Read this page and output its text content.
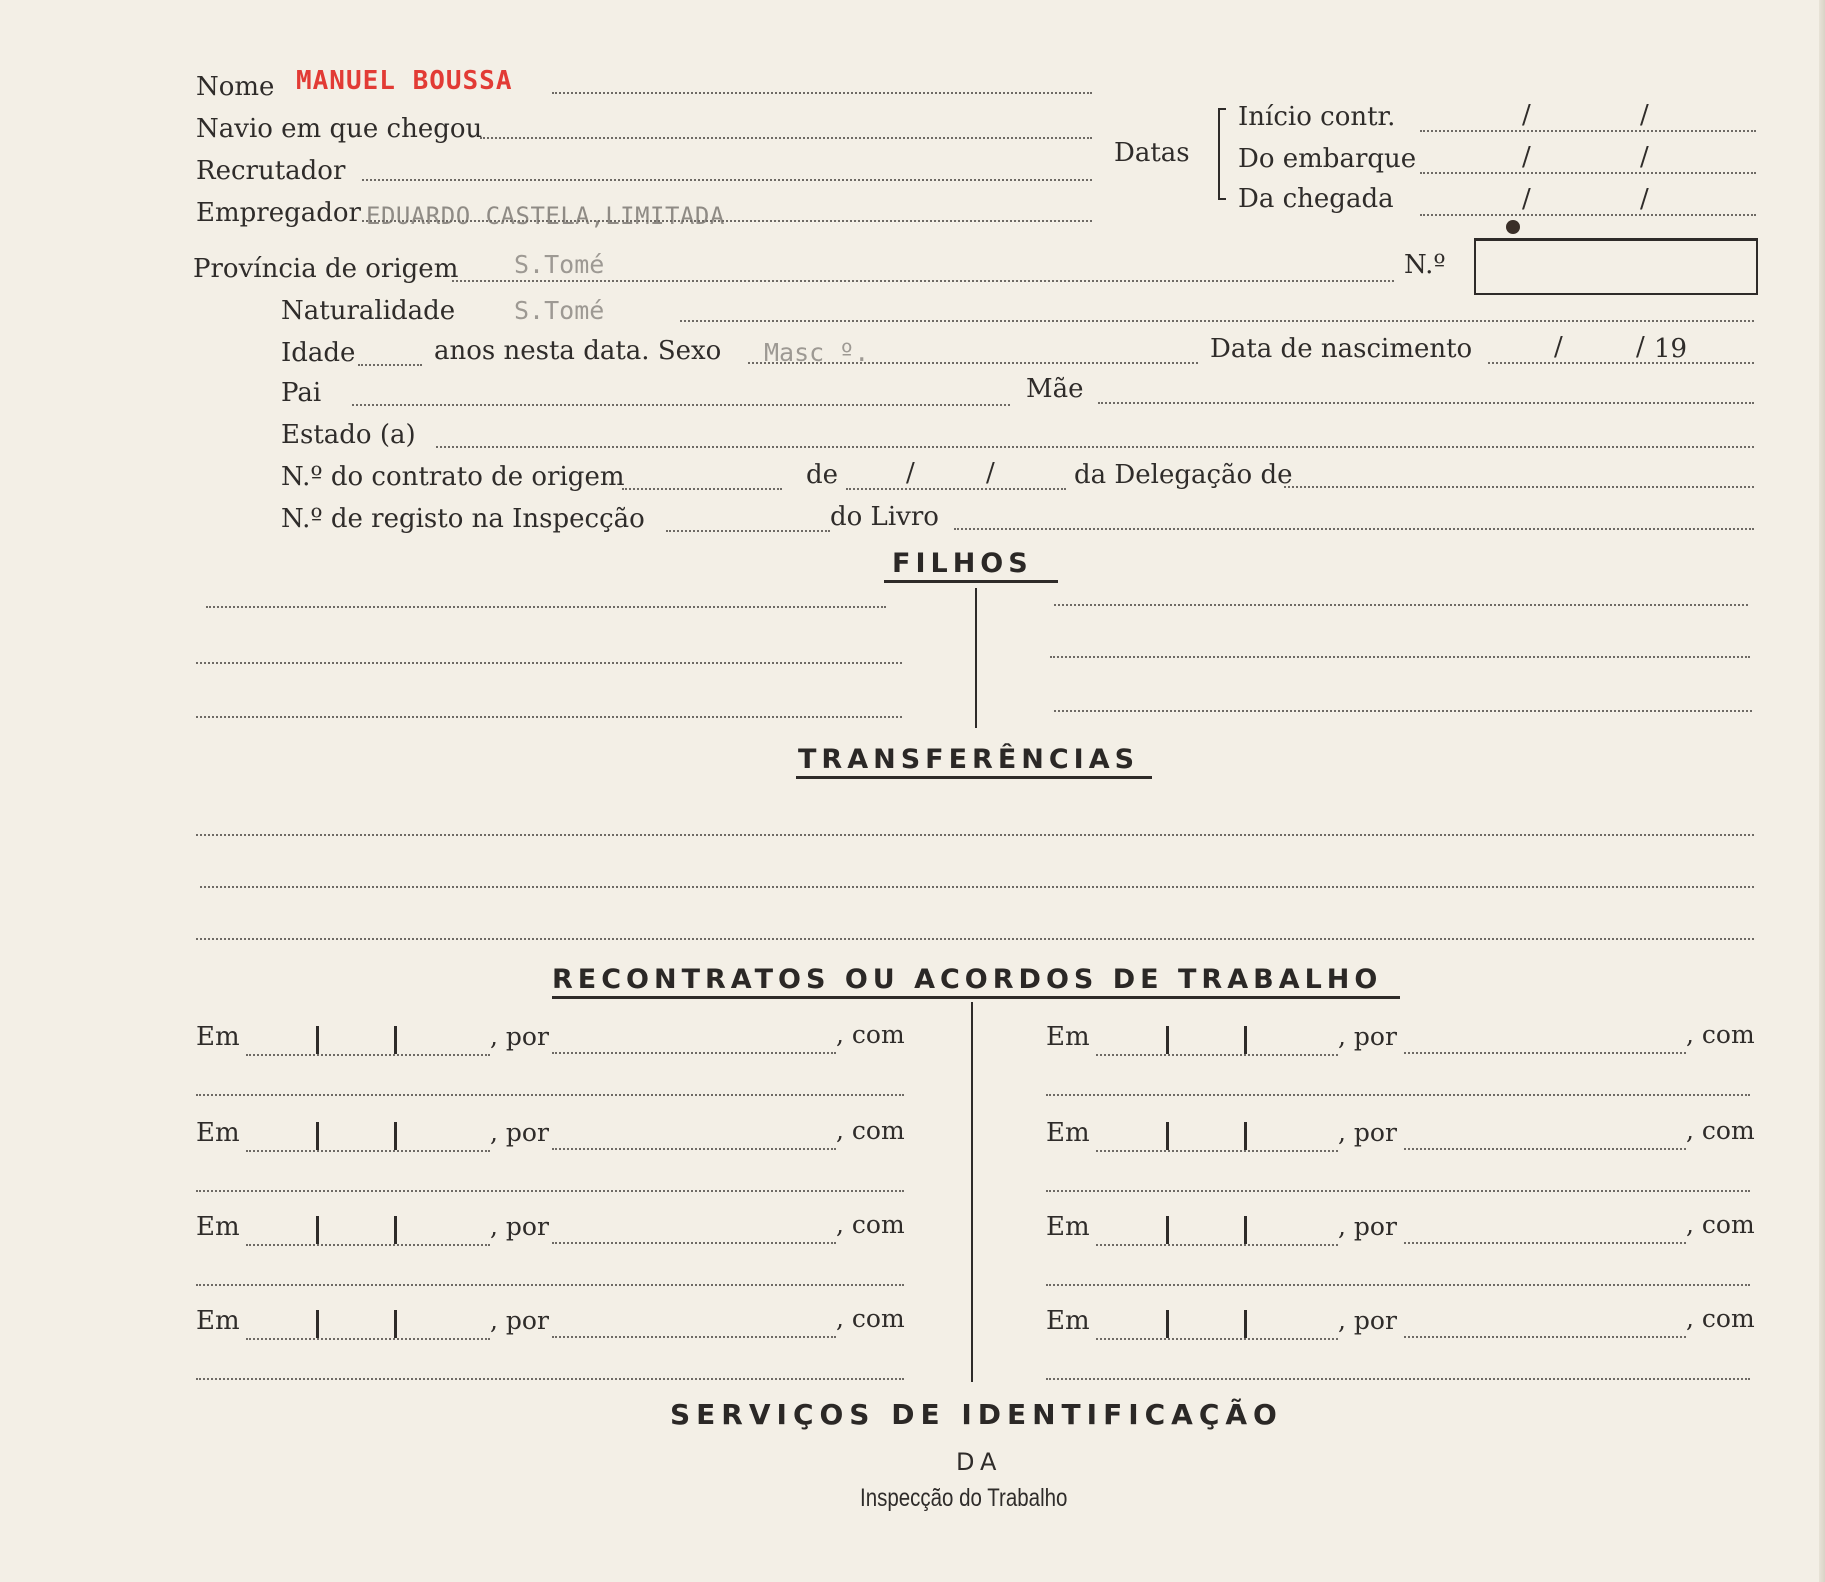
Nome MANUEL BOUSSA
Navio em que chegou
Recrutador
Empregador EDUARDO CASTELA,LIMITADA
Datas
Início contr.	/	/
Do embarque	/	/
Da chegada	/	/
Província de origem S.Tomé	N.º
Naturalidade S.Tomé
Idade	anos nesta data. Sexo Masc º.	Data de nascimento	/	/ 19
Pai	Mãe
Estado (a)
N.º do contrato de origem	de	/	/	da Delegação de
N.º de registo na Inspecção	do Livro
FILHOS
TRANSFERÊNCIAS
RECONTRATOS OU ACORDOS DE TRABALHO
Em	, por	, com	Em	, por	, com
Em	, por	, com	Em	, por	, com
Em	, por	, com	Em	, por	, com
Em	, por	, com	Em	, por	, com
SERVIÇOS DE IDENTIFICAÇÃO
DA
Inspecção do Trabalho
